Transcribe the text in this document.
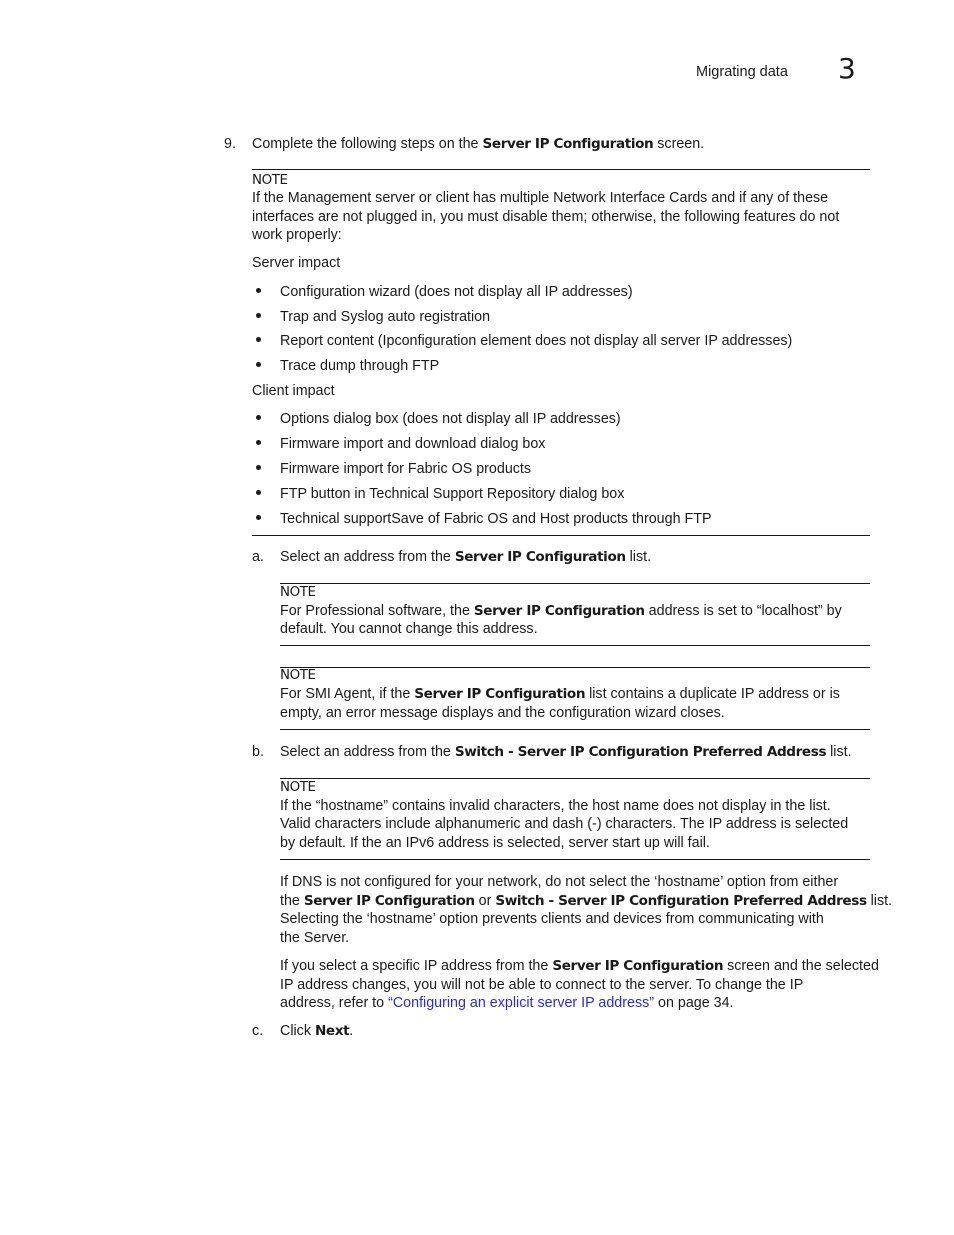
Migrating data 3
9. Complete the following steps on the Server IP Configuration screen.
NOTE
If the Management server or client has multiple Network Interface Cards and if any of these
interfaces are not plugged in, you must disable them; otherwise, the following features do not
work properly:
Server impact
Configuration wizard (does not display all IP addresses)
Trap and Syslog auto registration
Report content (Ipconfiguration element does not display all server IP addresses)
Trace dump through FTP
Client impact
Options dialog box (does not display all IP addresses)
Firmware import and download dialog box
Firmware import for Fabric OS products
FTP button in Technical Support Repository dialog box
Technical supportSave of Fabric OS and Host products through FTP
a. Select an address from the Server IP Configuration list.
NOTE
For Professional software, the Server IP Configuration address is set to “localhost” by
default. You cannot change this address.
NOTE
For SMI Agent, if the Server IP Configuration list contains a duplicate IP address or is
empty, an error message displays and the configuration wizard closes.
b. Select an address from the Switch - Server IP Configuration Preferred Address list.
NOTE
If the “hostname” contains invalid characters, the host name does not display in the list.
Valid characters include alphanumeric and dash (-) characters. The IP address is selected
by default. If the an IPv6 address is selected, server start up will fail.
If DNS is not configured for your network, do not select the ‘hostname’ option from either
the Server IP Configuration or Switch - Server IP Configuration Preferred Address list.
Selecting the ‘hostname’ option prevents clients and devices from communicating with
the Server.
If you select a specific IP address from the Server IP Configuration screen and the selected
IP address changes, you will not be able to connect to the server. To change the IP
address, refer to “Configuring an explicit server IP address” on page 34.
c. Click Next.
